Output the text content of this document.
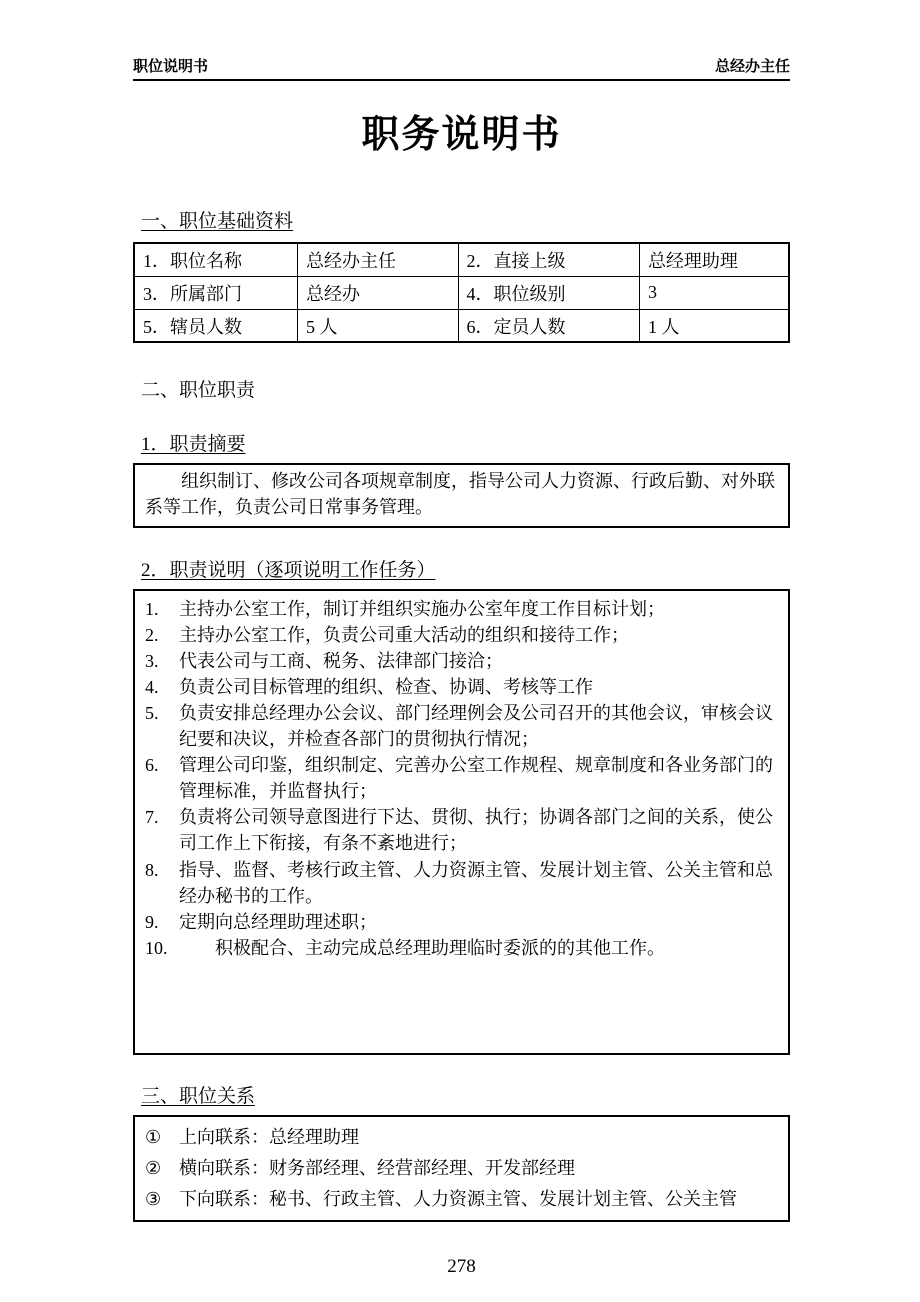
职位说明书	总经办主任
职务说明书
一、职位基础资料
1．职位名称	总经办主任	2．直接上级	总经理助理
3．所属部门	总经办	4．职位级别	3
5．辖员人数	5 人	6．定员人数	1 人
二、职位职责
1．职责摘要

组织制订、修改公司各项规章制度，指导公司人力资源、行政后勤、对外联系等工作，负责公司日常事务管理。

2．职责说明（逐项说明工作任务）
1.	主持办公室工作，制订并组织实施办公室年度工作目标计划；
2.	主持办公室工作，负责公司重大活动的组织和接待工作；
3.	代表公司与工商、税务、法律部门接洽；
4.	负责公司目标管理的组织、检查、协调、考核等工作
5.	负责安排总经理办公会议、部门经理例会及公司召开的其他会议，审核会议纪要和决议，并检查各部门的贯彻执行情况；
6.	管理公司印鉴，组织制定、完善办公室工作规程、规章制度和各业务部门的管理标准，并监督执行；
7.	负责将公司领导意图进行下达、贯彻、执行；协调各部门之间的关系，使公司工作上下衔接，有条不紊地进行；
8.	指导、监督、考核行政主管、人力资源主管、发展计划主管、公关主管和总经办秘书的工作。
9.	定期向总经理助理述职；
10.	积极配合、主动完成总经理助理临时委派的的其他工作。
三、职位关系
① 上向联系：总经理助理
② 横向联系：财务部经理、经营部经理、开发部经理
③ 下向联系：秘书、行政主管、人力资源主管、发展计划主管、公关主管
278
